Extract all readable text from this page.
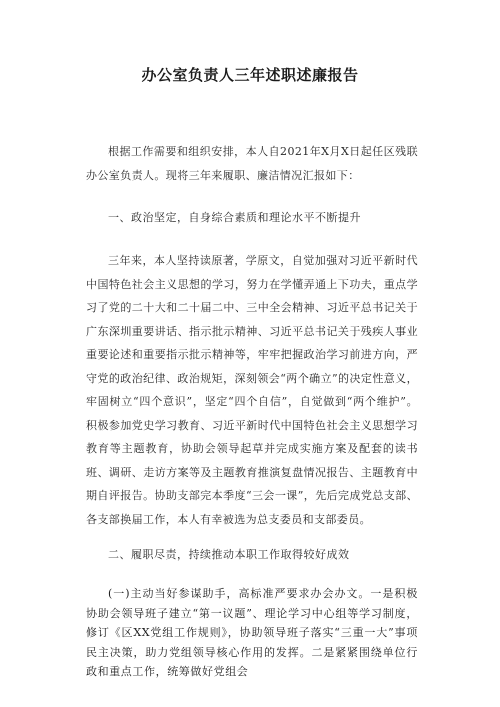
办公室负责人三年述职述廉报告
根据工作需要和组织安排，本人自2021年X月X日起任区残联办公室负责人。现将三年来履职、廉洁情况汇报如下：
一、政治坚定，自身综合素质和理论水平不断提升
三年来，本人坚持读原著，学原文，自觉加强对习近平新时代中国特色社会主义思想的学习，努力在学懂弄通上下功夫，重点学习了党的二十大和二十届二中、三中全会精神、习近平总书记关于广东深圳重要讲话、指示批示精神、习近平总书记关于残疾人事业重要论述和重要指示批示精神等，牢牢把握政治学习前进方向，严守党的政治纪律、政治规矩，深刻领会“两个确立”的决定性意义，牢固树立“四个意识”，坚定“四个自信”，自觉做到“两个维护”。积极参加党史学习教育、习近平新时代中国特色社会主义思想学习教育等主题教育，协助会领导起草并完成实施方案及配套的读书班、调研、走访方案等及主题教育推演复盘情况报告、主题教育中期自评报告。协助支部完本季度“三会一课”，先后完成党总支部、各支部换届工作，本人有幸被选为总支委员和支部委员。
二、履职尽责，持续推动本职工作取得较好成效
(一)主动当好参谋助手，高标准严要求办会办文。一是积极协助会领导班子建立“第一议题”、理论学习中心组等学习制度，修订《区XX党组工作规则》，协助领导班子落实“三重一大”事项民主决策，助力党组领导核心作用的发挥。二是紧紧围绕单位行政和重点工作，统筹做好党组会
